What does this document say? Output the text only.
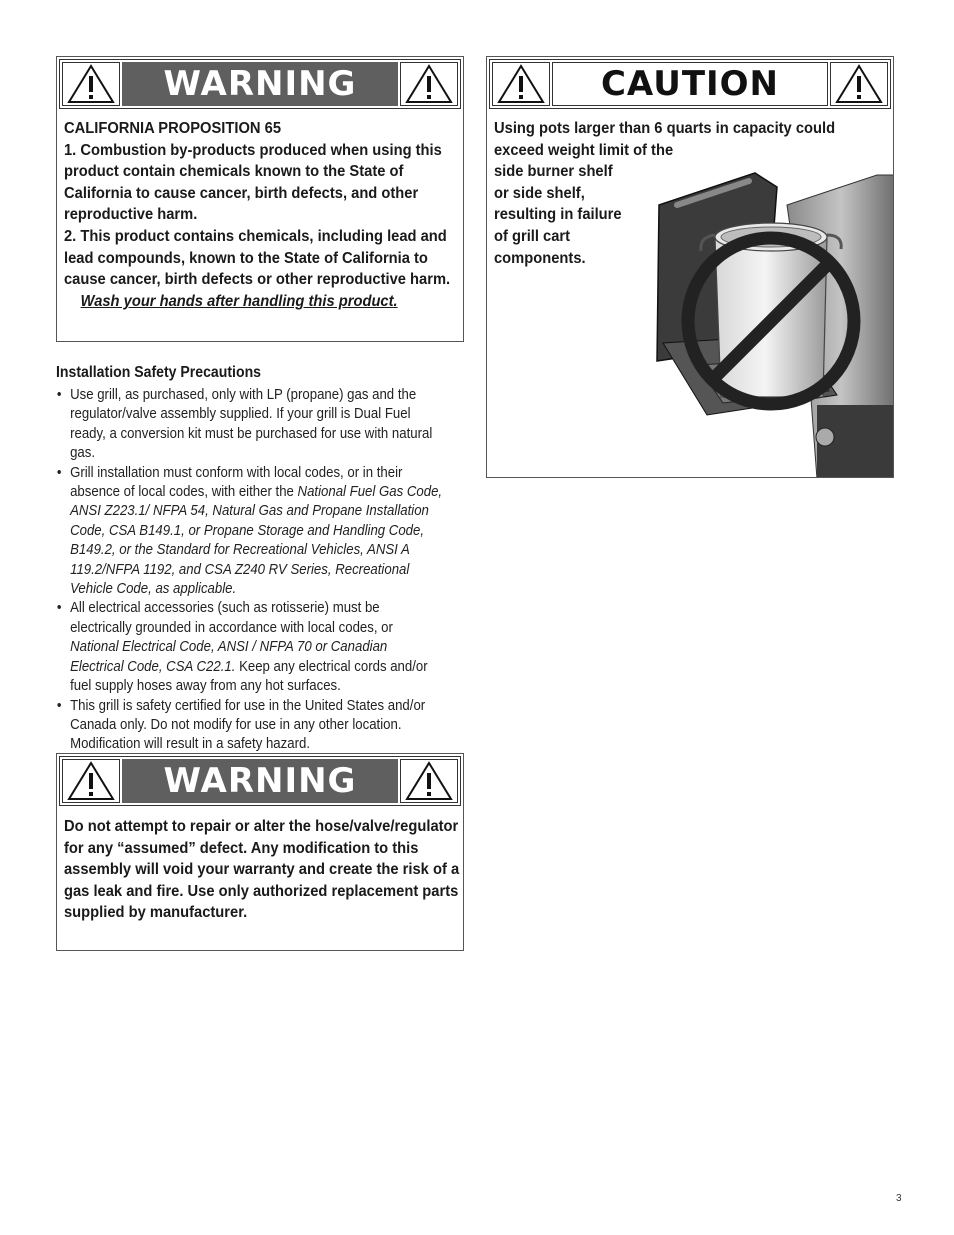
WARNING
CALIFORNIA PROPOSITION 65
1. Combustion by-products produced when using this product contain chemicals known to the State of California to cause cancer, birth defects, and other reproductive harm.
2. This product contains chemicals, including lead and lead compounds, known to the State of California to cause cancer, birth defects or other reproductive harm.
Wash your hands after handling this product.
CAUTION
Using pots larger than 6 quarts in capacity could
exceed weight limit of the
side burner shelf
or side shelf,
resulting in failure
of grill cart
components.
Installation Safety Precautions
• Use grill, as purchased, only with LP (propane) gas and the regulator/valve assembly supplied. If your grill is Dual Fuel ready, a conversion kit must be purchased for use with natural gas.
• Grill installation must conform with local codes, or in their absence of local codes, with either the National Fuel Gas Code, ANSI Z223.1/ NFPA 54, Natural Gas and Propane Installation Code, CSA B149.1, or Propane Storage and Handling Code, B149.2, or the Standard for Recreational Vehicles, ANSI A 119.2/NFPA 1192, and CSA Z240 RV Series, Recreational Vehicle Code, as applicable.
• All electrical accessories (such as rotisserie) must be electrically grounded in accordance with local codes, or National Electrical Code, ANSI / NFPA 70 or Canadian Electrical Code, CSA C22.1. Keep any electrical cords and/or fuel supply hoses away from any hot surfaces.
• This grill is safety certified for use in the United States and/or Canada only. Do not modify for use in any other location. Modification will result in a safety hazard.
WARNING
Do not attempt to repair or alter the hose/valve/regulator for any “assumed” defect. Any modification to this assembly will void your warranty and create the risk of a gas leak and fire. Use only authorized replacement parts supplied by manufacturer.
3
